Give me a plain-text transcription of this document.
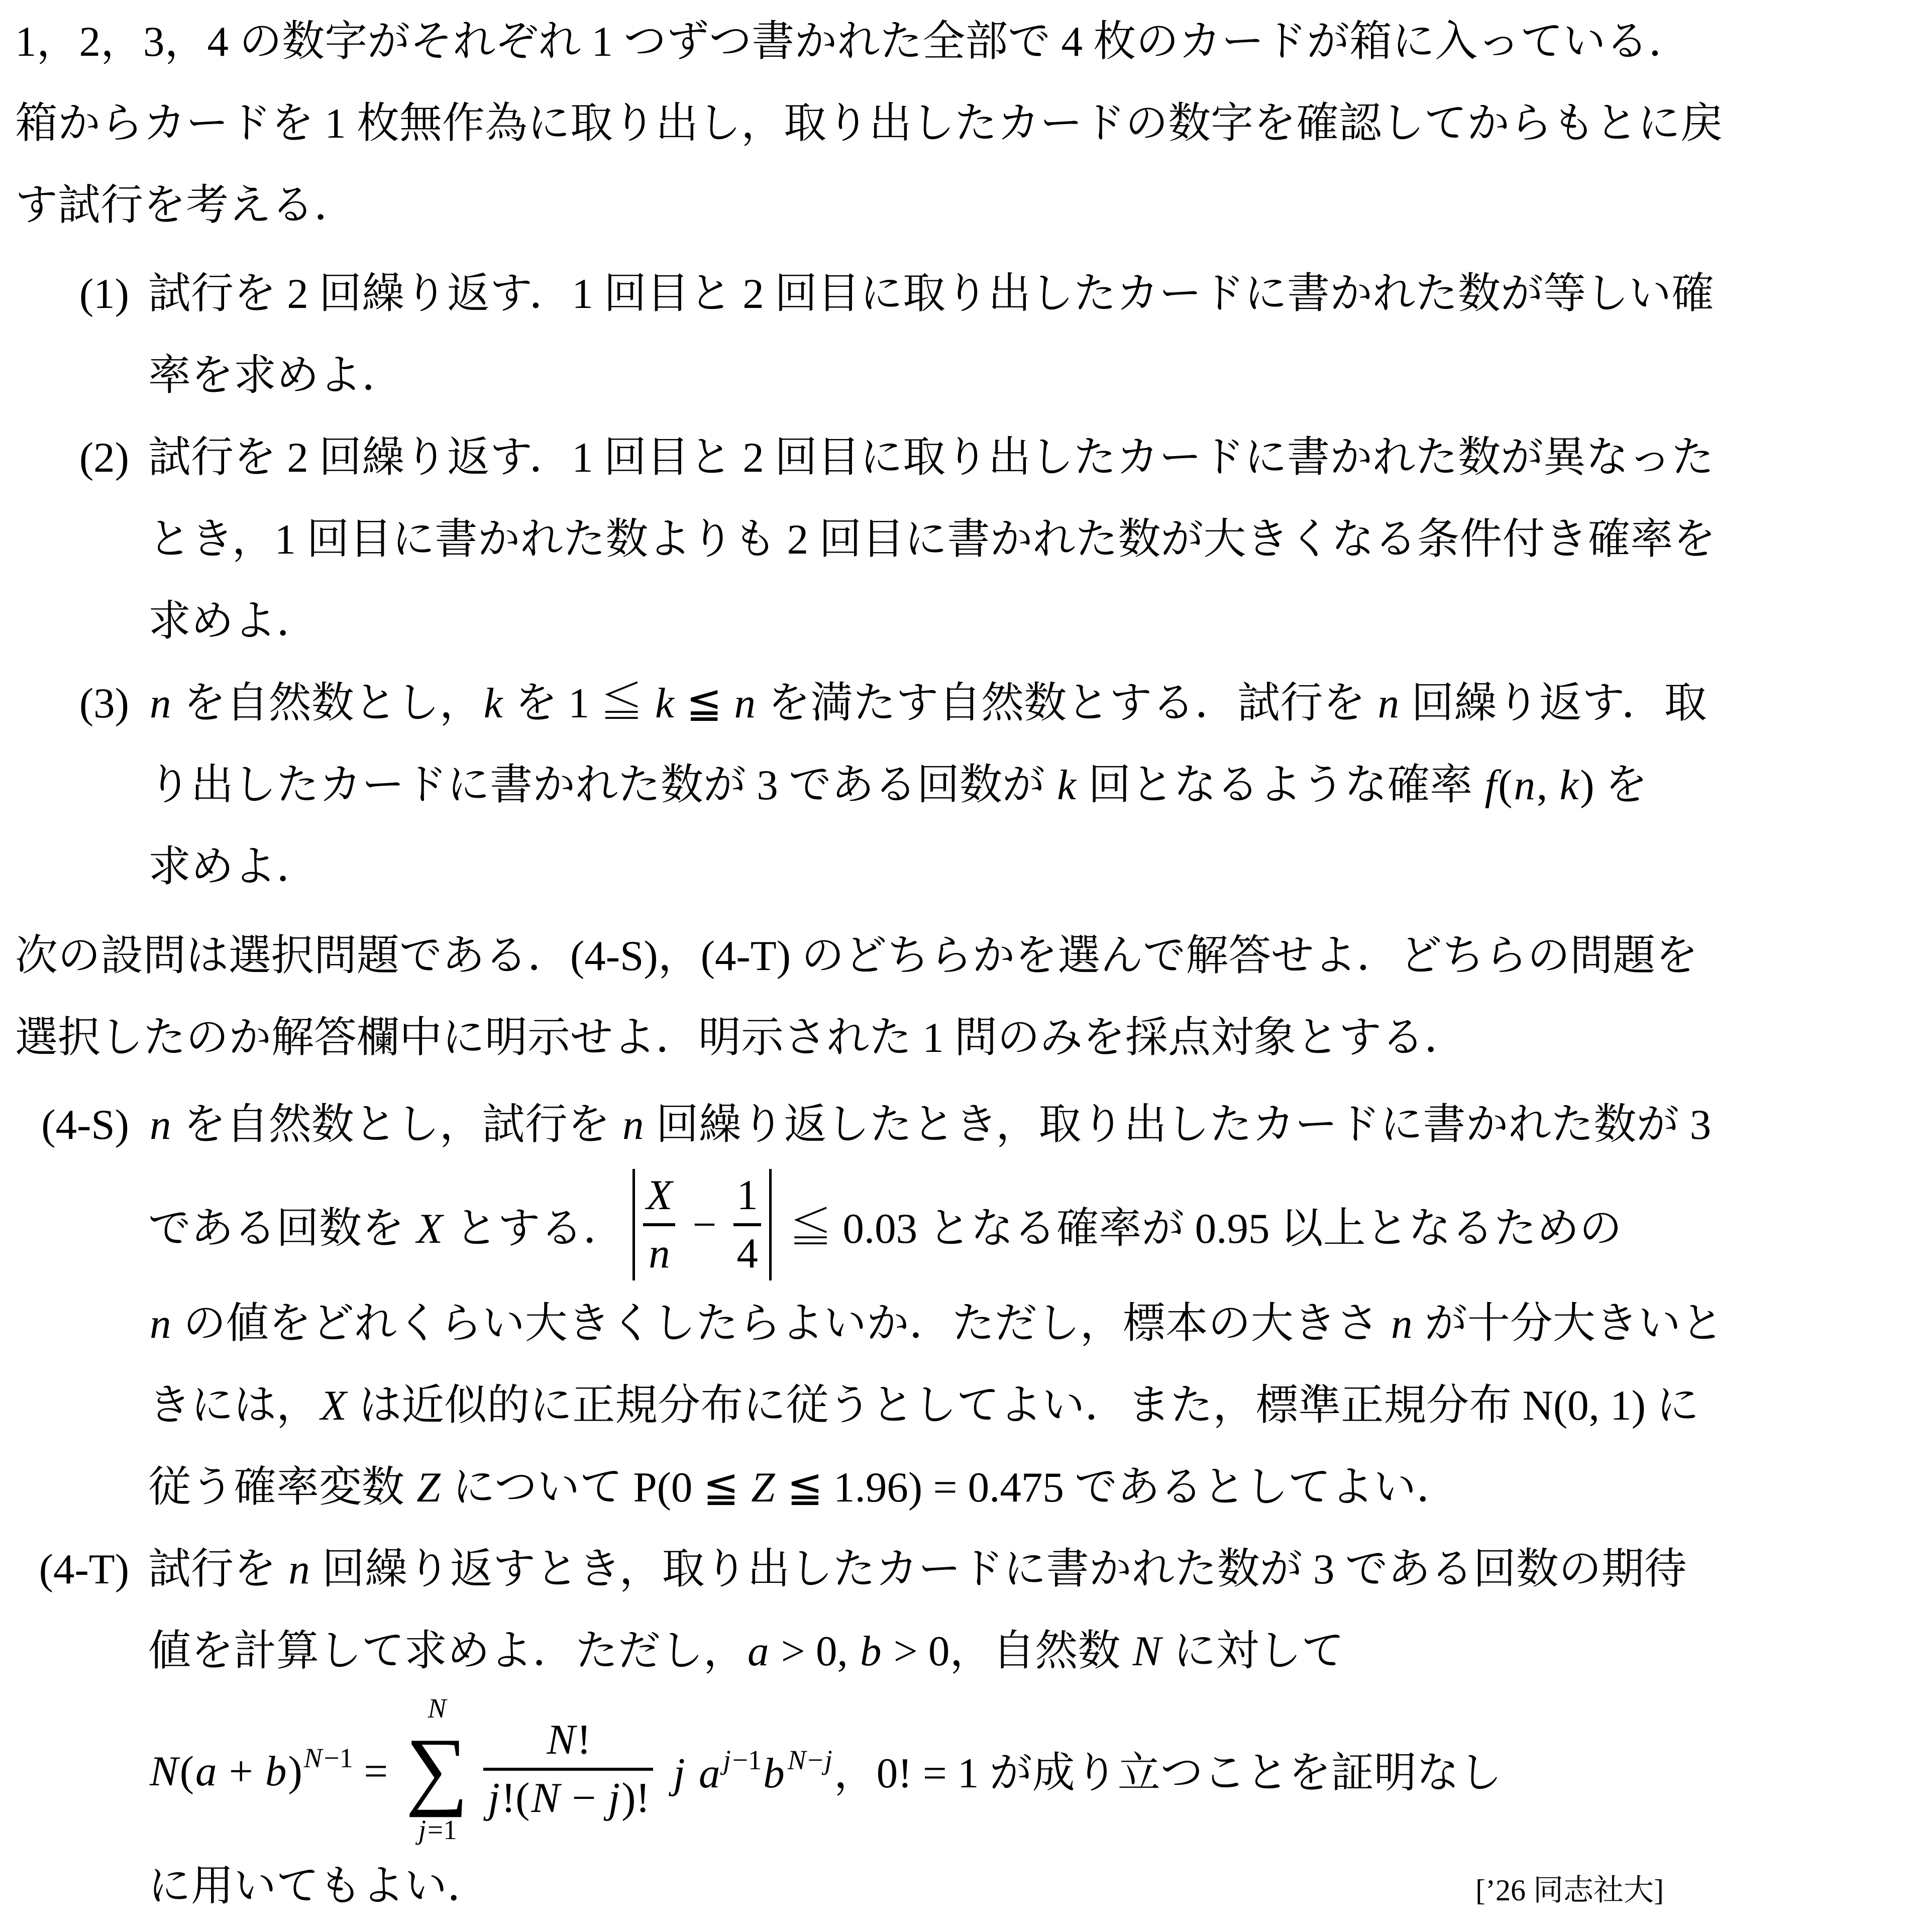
1，2，3，4 の数字がそれぞれ 1 つずつ書かれた全部で 4 枚のカードが箱に入っている．
箱からカードを 1 枚無作為に取り出し，取り出したカードの数字を確認してからもとに戻
す試行を考える．
(1) 試行を 2 回繰り返す．1 回目と 2 回目に取り出したカードに書かれた数が等しい確
率を求めよ．
(2) 試行を 2 回繰り返す．1 回目と 2 回目に取り出したカードに書かれた数が異なった
とき，1 回目に書かれた数よりも 2 回目に書かれた数が大きくなる条件付き確率を
求めよ．
(3) n を自然数とし，k を 1 ≦ k ≦ n を満たす自然数とする．試行を n 回繰り返す．取
り出したカードに書かれた数が 3 である回数が k 回となるような確率 f(n, k) を
求めよ．
次の設問は選択問題である．(4-S)，(4-T) のどちらかを選んで解答せよ．どちらの問題を
選択したのか解答欄中に明示せよ．明示された 1 問のみを採点対象とする．
(4-S) n を自然数とし，試行を n 回繰り返したとき，取り出したカードに書かれた数が 3
である回数を X とする．
X
n
−
1
4
≦ 0.03 となる確率が 0.95 以上となるための
n の値をどれくらい大きくしたらよいか．ただし，標本の大きさ n が十分大きいと
きには，X は近似的に正規分布に従うとしてよい．また，標準正規分布 N(0, 1) に
従う確率変数 Z について P(0 ≦ Z ≦ 1.96) = 0.475 であるとしてよい．
(4-T) 試行を n 回繰り返すとき，取り出したカードに書かれた数が 3 である回数の期待
値を計算して求めよ．ただし，a > 0, b > 0，自然数 N に対して
$N(a + b)^{N-1}$ =
N
∑
j=1
N!
j!(N − j)!
j a $^{j-1}$b $^{N-j}$，0! = 1 が成り立つことを証明なし
に用いてもよい．	[’26 同志社大]
